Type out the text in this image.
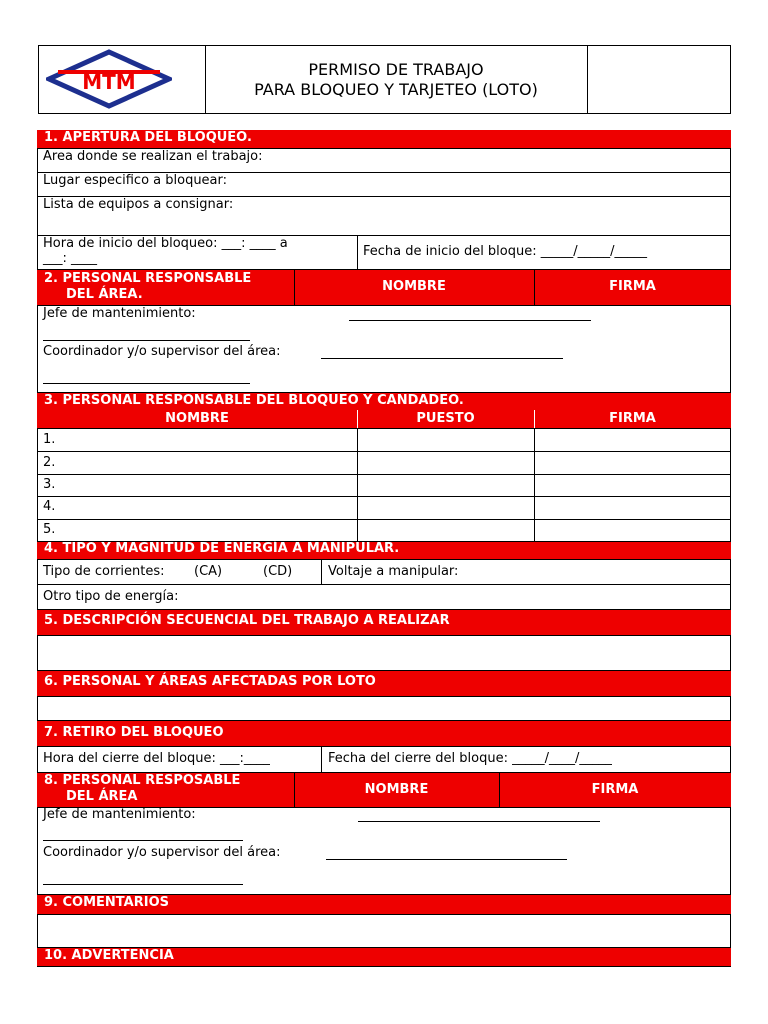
MTM
PERMISO DE TRABAJO
PARA BLOQUEO Y TARJETEO (LOTO)
1. APERTURA DEL BLOQUEO.
Area donde se realizan el trabajo:
Lugar especifico a bloquear:
Lista de equipos a consignar:
Hora de inicio del bloqueo: ___: ____ a
___: ____	Fecha de inicio del bloque: _____/_____/_____
2. PERSONAL RESPONSABLE
DEL ÁREA.
NOMBRE	FIRMA
Jefe de mantenimiento:
Coordinador y/o supervisor del área:
3. PERSONAL RESPONSABLE DEL BLOQUEO Y CANDADEO.
NOMBRE	PUESTO	FIRMA
1.
2.
3.
4.
5.
4. TIPO Y MAGNITUD DE ENERGÍA A MANIPULAR.
Tipo de corrientes: (CA)	(CD)	Voltaje a manipular:
Otro tipo de energía:
5. DESCRIPCIÓN SECUENCIAL DEL TRABAJO A REALIZAR
6. PERSONAL Y ÁREAS AFECTADAS POR LOTO
7. RETIRO DEL BLOQUEO
Hora del cierre del bloque: ___:____	Fecha del cierre del bloque: _____/____/_____
8. PERSONAL RESPOSABLE
DEL ÁREA	NOMBRE	FIRMA
Jefe de mantenimiento:
Coordinador y/o supervisor del área:
9. COMENTARIOS
10. ADVERTENCIA
